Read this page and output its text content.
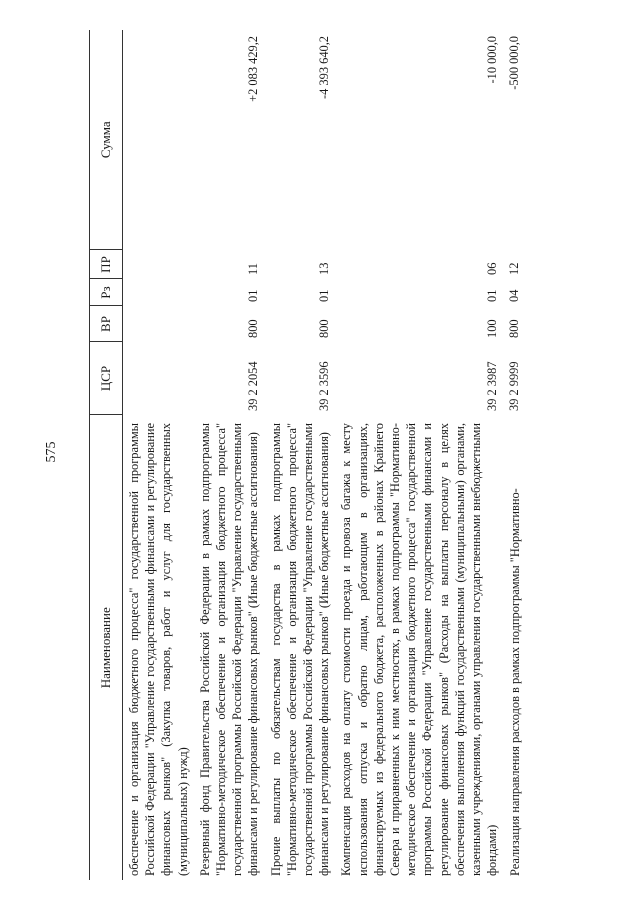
575
Наименование	ЦСР	ВР	Рз	ПР	Сумма
обеспечение и организация бюджетного процесса" государственной программы Российской Федерации "Управление государственными финансами и регулирование финансовых рынков" (Закупка товаров, работ и услуг для государственных (муниципальных) нужд)					
Резервный фонд Правительства Российской Федерации в рамках подпрограммы "Нормативно-методическое обеспечение и организация бюджетного процесса" государственной программы Российской Федерации "Управление государственными финансами и регулирование финансовых рынков" (Иные бюджетные ассигнования)	39 2 2054	800	01	11	+2 083 429,2
Прочие выплаты по обязательствам государства в рамках подпрограммы "Нормативно-методическое обеспечение и организация бюджетного процесса" государственной программы Российской Федерации "Управление государственными финансами и регулирование финансовых рынков" (Иные бюджетные ассигнования)	39 2 3596	800	01	13	-4 393 640,2
Компенсация расходов на оплату стоимости проезда и провоза багажа к месту использования отпуска и обратно лицам, работающим в организациях, финансируемых из федерального бюджета, расположенных в районах Крайнего Севера и приравненных к ним местностях, в рамках подпрограммы "Нормативно-методическое обеспечение и организация бюджетного процесса" государственной программы Российской Федерации "Управление государственными финансами и регулирование финансовых рынков" (Расходы на выплаты персоналу в целях обеспечения выполнения функций государственными (муниципальными) органами, казенными учреждениями, органами управления государственными внебюджетными фондами)	39 2 3987	100	01	06	-10 000,0
Реализация направления расходов в рамках подпрограммы "Нормативно-	39 2 9999	800	04	12	-500 000,0
